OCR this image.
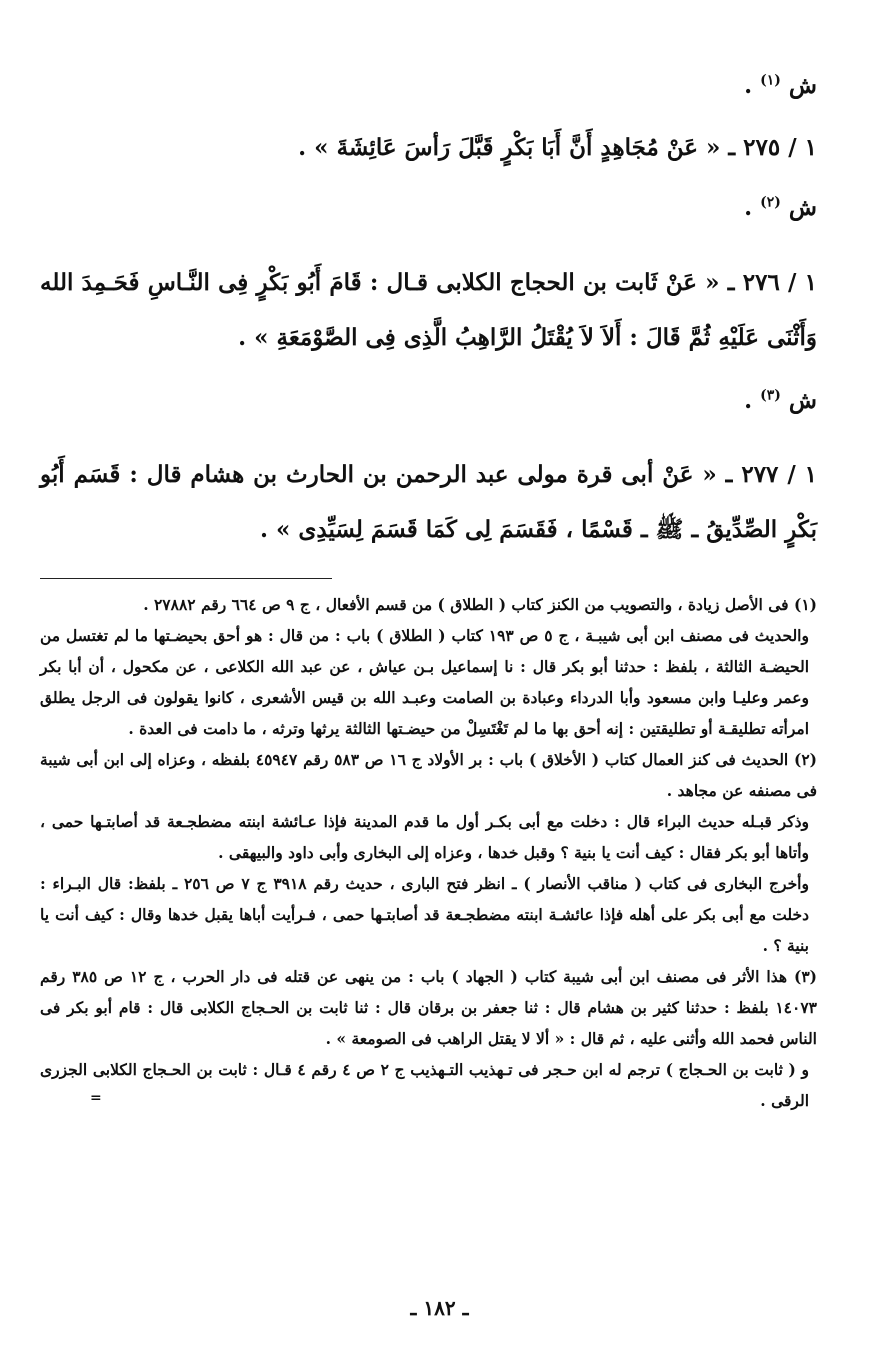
ش $^{(١)}$ .

١ / ٢٧٥ ـ « عَنْ مُجَاهِدٍ أَنَّ أَبَا بَكْرٍ قَبَّلَ رَأسَ عَائِشَةَ » .

ش $^{(٢)}$ .

١ / ٢٧٦ ـ « عَنْ ثَابت بن الحجاج الكلابى قـال : قَامَ أَبُو بَكْرٍ فِى النَّـاسِ فَحَـمِدَ الله وَأَثْنَى عَلَيْهِ ثُمَّ قَالَ : أَلاَ لاَ يُقْتَلُ الرَّاهِبُ الَّذِى فِى الصَّوْمَعَةِ » .

ش $^{(٣)}$ .

١ / ٢٧٧ ـ « عَنْ أبى قرة مولى عبد الرحمن بن الحارث بن هشام قال : قَسَم أَبُو بَكْرٍ الصِّدِّيقُ ـ ﷺ ـ قَسْمًا ، فَقَسَمَ لِى كَمَا قَسَمَ لِسَيِّدِى » .

(١) فى الأصل زيادة ، والتصويب من الكنز كتاب ( الطلاق ) من قسم الأفعال ، ج ٩ ص ٦٦٤ رقم ٢٧٨٨٢ .

والحديث فى مصنف ابن أبى شيبـة ، ج ٥ ص ١٩٣ كتاب ( الطلاق ) باب : من قال : هو أحق بحيضـتها ما لم تغتسل من الحيضـة الثالثة ، بلفظ : حدثنا أبو بكر قال : نا إسماعيل بـن عياش ، عن عبد الله الكلاعى ، عن مكحول ، أن أبا بكر وعمر وعليـا وابن مسعود وأبا الدرداء وعبادة بن الصامت وعبـد الله بن قيس الأشعرى ، كانوا يقولون فى الرجل يطلق امرأته تطليقـة أو تطليقتين : إنه أحق بها ما لم تَغْتَسِلْ من حيضـتها الثالثة يرثها وترثه ، ما دامت فى العدة .

(٢) الحديث فى كنز العمال كتاب ( الأخلاق ) باب : بر الأولاد ج ١٦ ص ٥٨٣ رقم ٤٥٩٤٧ بلفظه ، وعزاه إلى ابن أبى شيبة فى مصنفه عن مجاهد .

وذكر قبـله حديث البراء قال : دخلت مع أبى بكـر أول ما قدم المدينة فإذا عـائشة ابنته مضطجـعة قد أصابتـها حمى ، وأتاها أبو بكر فقال : كيف أنت يا بنية ؟ وقبل خدها ، وعزاه إلى البخارى وأبى داود والبيهقى .

وأخرج البخارى فى كتاب ( مناقب الأنصار ) ـ انظر فتح البارى ، حديث رقم ٣٩١٨ ج ٧ ص ٢٥٦ ـ بلفظ: قال البـراء : دخلت مع أبى بكر على أهله فإذا عائشـة ابنته مضطجـعة قد أصابتـها حمى ، فـرأيت أباها يقبل خدها وقال : كيف أنت يا بنية ؟ .

(٣) هذا الأثر فى مصنف ابن أبى شيبة كتاب ( الجهاد ) باب : من ينهى عن قتله فى دار الحرب ، ج ١٢ ص ٣٨٥ رقم ١٤٠٧٣ بلفظ : حدثنا كثير بن هشام قال : ثنا جعفر بن برقان قال : ثنا ثابت بن الحـجاج الكلابى قال : قام أبو بكر فى الناس فحمد الله وأثنى عليه ، ثم قال : « ألا لا يقتل الراهب فى الصومعة » .

و ( ثابت بن الحـجاج ) ترجم له ابن حـجر فى تـهذيب التـهذيب ج ٢ ص ٤ رقم ٤ قـال : ثابت بن الحـجاج الكلابى الجزرى الرقى .
=

ـ ١٨٢ ـ
